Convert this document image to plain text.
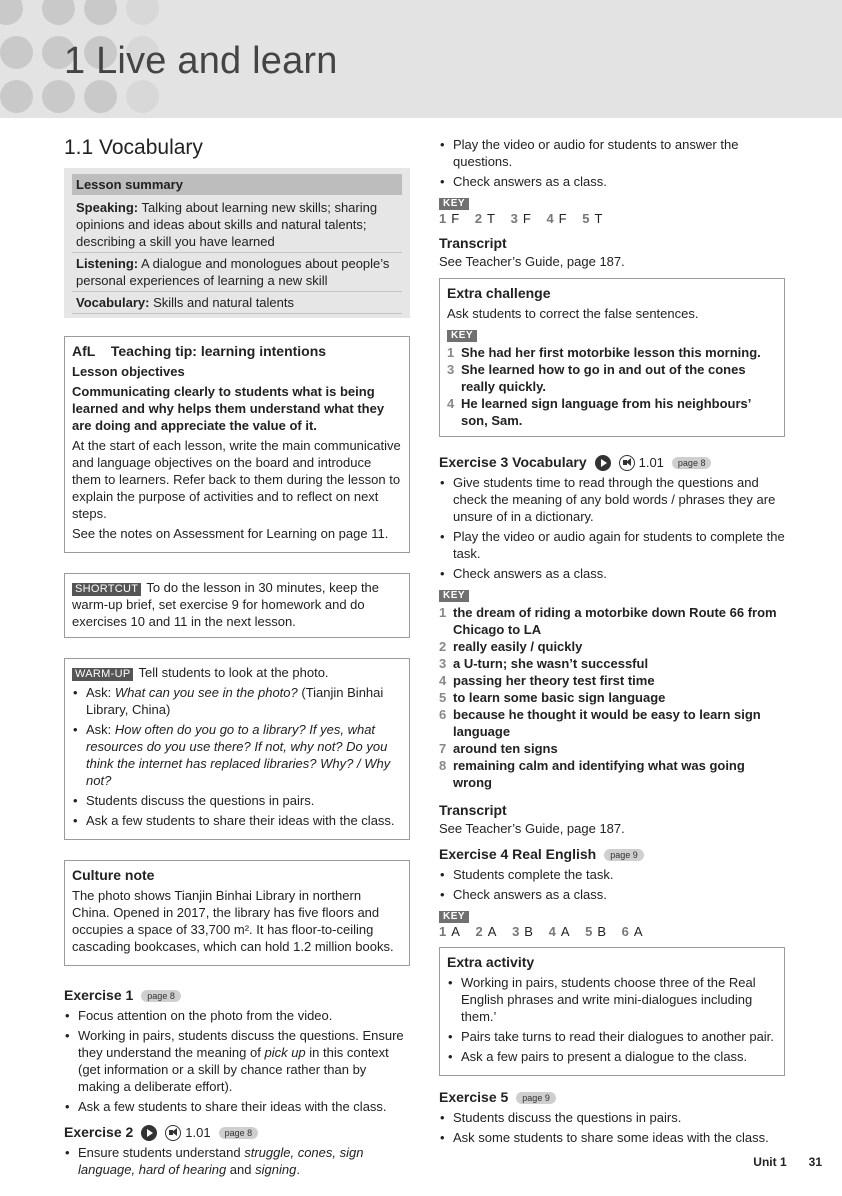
1 Live and learn
1.1 Vocabulary
Lesson summary
Speaking: Talking about learning new skills; sharing opinions and ideas about skills and natural talents; describing a skill you have learned
Listening: A dialogue and monologues about people’s personal experiences of learning a new skill
Vocabulary: Skills and natural talents
AfL    Teaching tip: learning intentions

Lesson objectives

Communicating clearly to students what is being learned and why helps them understand what they are doing and appreciate the value of it.

At the start of each lesson, write the main communicative and language objectives on the board and introduce them to learners. Refer back to them during the lesson to explain the purpose of activities and to reflect on next steps.

See the notes on Assessment for Learning on page 11.

SHORTCUT To do the lesson in 30 minutes, keep the warm-up brief, set exercise 9 for homework and do exercises 10 and 11 in the next lesson.

WARM-UP Tell students to look at the photo.

• Ask: What can you see in the photo? (Tianjin Binhai Library, China)
• Ask: How often do you go to a library? If yes, what resources do you use there? If not, why not? Do you think the internet has replaced libraries? Why? / Why not?
• Students discuss the questions in pairs.
• Ask a few students to share their ideas with the class.
Culture note

The photo shows Tianjin Binhai Library in northern China. Opened in 2017, the library has five floors and occupies a space of 33,700 m². It has floor-to-ceiling cascading bookcases, which can hold 1.2 million books.

Exercise 1	page 8
• Focus attention on the photo from the video.
• Working in pairs, students discuss the questions. Ensure they understand the meaning of pick up in this context (get information or a skill by chance rather than by making a deliberate effort).
• Ask a few students to share their ideas with the class.
Exercise 2	1.01	page 8
• Ensure students understand struggle, cones, sign language, hard of hearing and signing.
• Play the video or audio for students to answer the questions.
• Check answers as a class.
KEY
1 F 2 T 3 F 4 F 5 T
Transcript

See Teacher’s Guide, page 187.

Extra challenge

Ask students to correct the false sentences.

KEY
1 She had her first motorbike lesson this morning.
3 She learned how to go in and out of the cones really quickly.
4 He learned sign language from his neighbours’ son, Sam.
Exercise 3 Vocabulary	1.01	page 8
• Give students time to read through the questions and check the meaning of any bold words / phrases they are unsure of in a dictionary.
• Play the video or audio again for students to complete the task.
• Check answers as a class.
KEY
1 the dream of riding a motorbike down Route 66 from Chicago to LA
2 really easily / quickly
3 a U-turn; she wasn’t successful
4 passing her theory test first time
5 to learn some basic sign language
6 because he thought it would be easy to learn sign language
7 around ten signs
8 remaining calm and identifying what was going wrong
Transcript

See Teacher’s Guide, page 187.

Exercise 4 Real English	page 9
• Students complete the task.
• Check answers as a class.
KEY
1 A 2 A 3 B 4 A 5 B 6 A
Extra activity
• Working in pairs, students choose three of the Real English phrases and write mini-dialogues including them.’
• Pairs take turns to read their dialogues to another pair.
• Ask a few pairs to present a dialogue to the class.
Exercise 5	page 9
• Students discuss the questions in pairs.
• Ask some students to share some ideas with the class.
Unit 1 31
